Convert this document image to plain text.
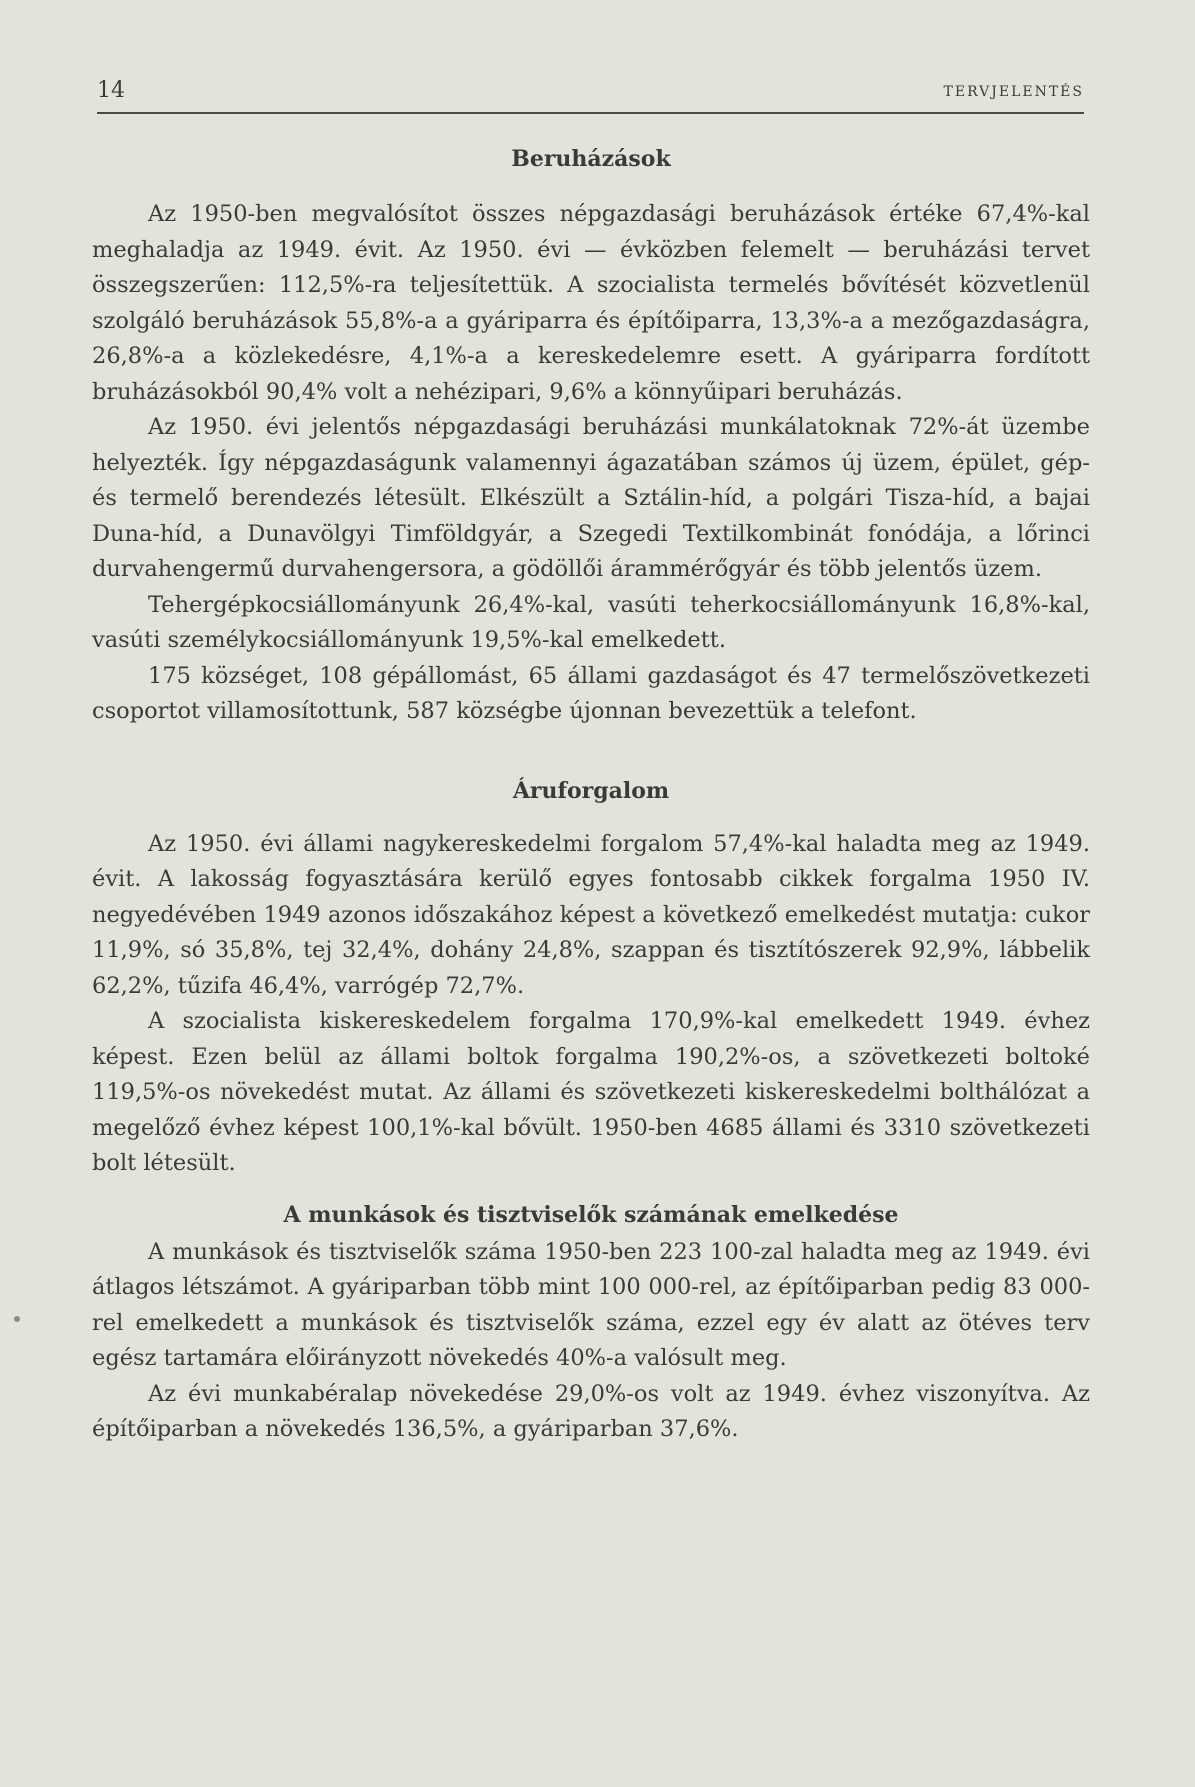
14	TERVJELENTÉS
Beruházások

Az 1950-ben megvalósítot összes népgazdasági beruházások értéke 67,4%-kal meghaladja az 1949. évit. Az 1950. évi — évközben felemelt — beruházási tervet összegszerűen: 112,5%-ra teljesítettük. A szocialista termelés bővítését közvetlenül szolgáló beruházások 55,8%-a a gyáriparra és építőiparra, 13,3%-a a mezőgazdaságra, 26,8%-a a közlekedésre, 4,1%-a a kereskedelemre esett. A gyáriparra fordított bruházásokból 90,4% volt a nehézipari, 9,6% a könnyűipari beruházás.

Az 1950. évi jelentős népgazdasági beruházási munkálatoknak 72%-át üzembe helyezték. Így népgazdaságunk valamennyi ágazatában számos új üzem, épület, gép- és termelő berendezés létesült. Elkészült a Sztálin-híd, a polgári Tisza-híd, a bajai Duna-híd, a Dunavölgyi Timföldgyár, a Szegedi Textilkombinát fonódája, a lőrinci durvahengermű durvahengersora, a gödöllői árammérőgyár és több jelentős üzem.

Tehergépkocsiállományunk 26,4%-kal, vasúti teherkocsiállományunk 16,8%-kal, vasúti személykocsiállományunk 19,5%-kal emelkedett.

175 községet, 108 gépállomást, 65 állami gazdaságot és 47 termelőszövetkezeti csoportot villamosítottunk, 587 községbe újonnan bevezettük a telefont.

Áruforgalom

Az 1950. évi állami nagykereskedelmi forgalom 57,4%-kal haladta meg az 1949. évit. A lakosság fogyasztására kerülő egyes fontosabb cikkek forgalma 1950 IV. negyedévében 1949 azonos időszakához képest a következő emelkedést mutatja: cukor 11,9%, só 35,8%, tej 32,4%, dohány 24,8%, szappan és tisztítószerek 92,9%, lábbelik 62,2%, tűzifa 46,4%, varrógép 72,7%.

A szocialista kiskereskedelem forgalma 170,9%-kal emelkedett 1949. évhez képest. Ezen belül az állami boltok forgalma 190,2%-os, a szövetkezeti boltoké 119,5%-os növekedést mutat. Az állami és szövetkezeti kiskereskedelmi bolthálózat a megelőző évhez képest 100,1%-kal bővült. 1950-ben 4685 állami és 3310 szövetkezeti bolt létesült.

A munkások és tisztviselők számának emelkedése

A munkások és tisztviselők száma 1950-ben 223 100-zal haladta meg az 1949. évi átlagos létszámot. A gyáriparban több mint 100 000-rel, az építőiparban pedig 83 000-rel emelkedett a munkások és tisztviselők száma, ezzel egy év alatt az ötéves terv egész tartamára előirányzott növekedés 40%-a valósult meg.

Az évi munkabéralap növekedése 29,0%-os volt az 1949. évhez viszonyítva. Az építőiparban a növekedés 136,5%, a gyáriparban 37,6%.
